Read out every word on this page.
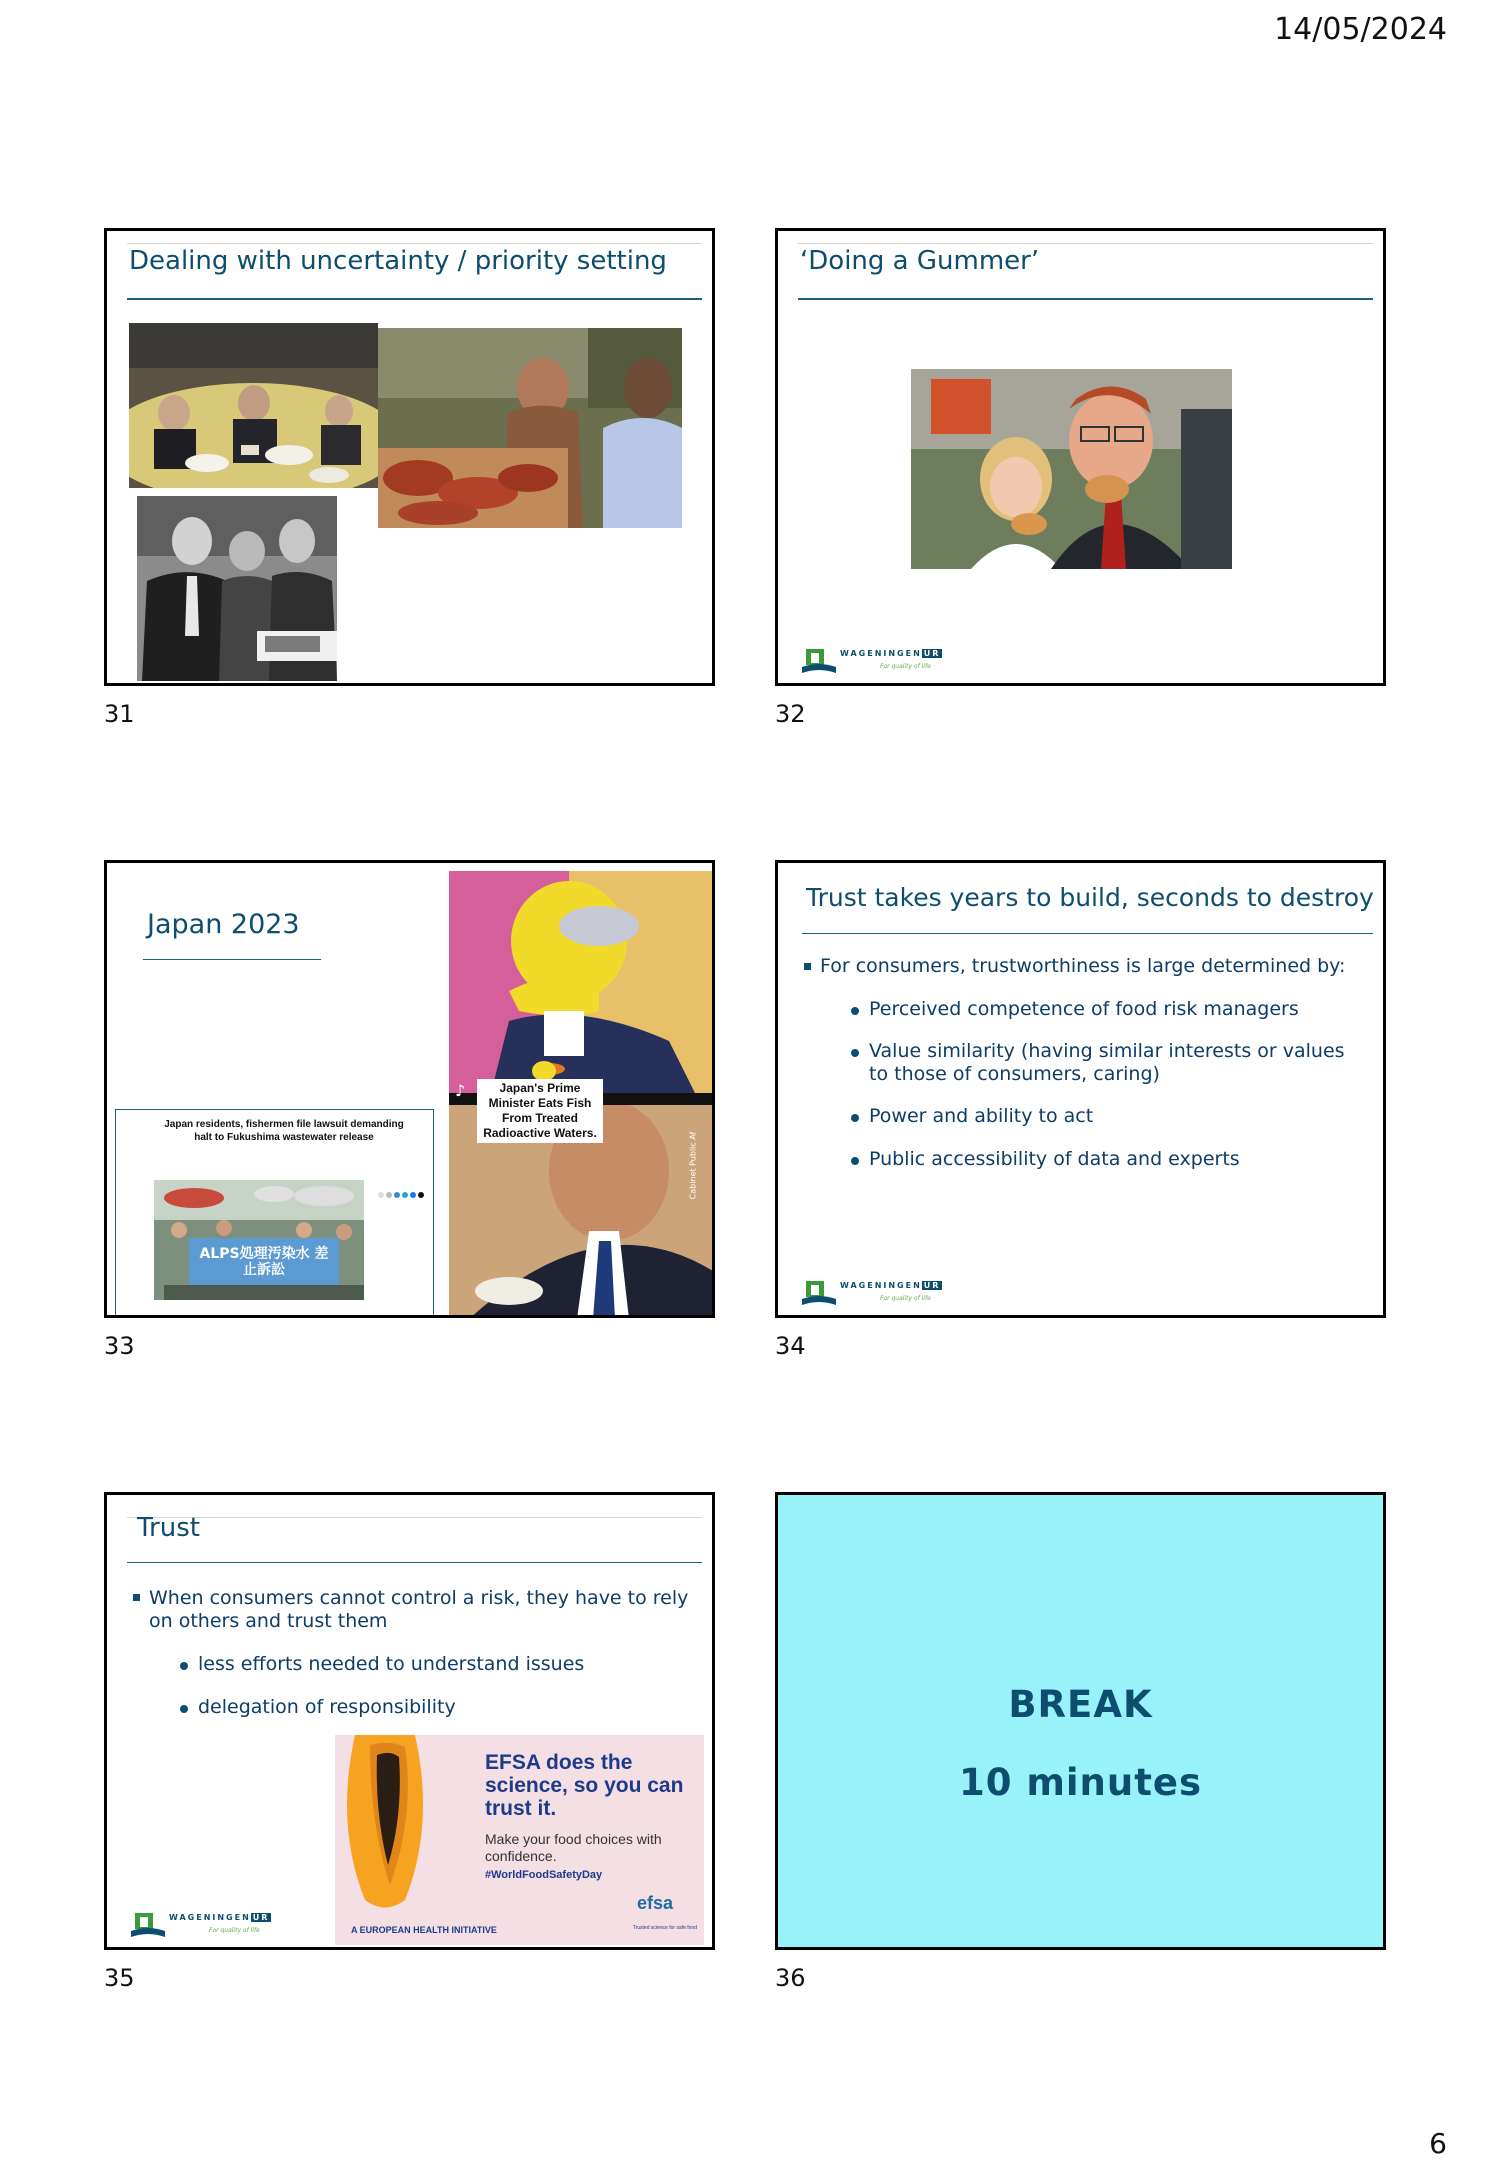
14/05/2024
Dealing with uncertainty / priority setting
31
‘Doing a Gummer’
WAGENINGEN UR
For quality of life
32
Japan 2023
Japan residents, fishermen file lawsuit demanding halt to Fukushima wastewater release
ALPS処理汚染水 差止訴訟
♪	Japan's Prime Minister Eats Fish From Treated Radioactive Waters.	Cabinet Public Af
33
Trust takes years to build, seconds to destroy
For consumers, trustworthiness is large determined by:
Perceived competence of food risk managers
Value similarity (having similar interests or values to those of consumers, caring)
Power and ability to act
Public accessibility of data and experts
WAGENINGEN UR
For quality of life
34
Trust
When consumers cannot control a risk, they have to rely on others and trust them
less efforts needed to understand issues
delegation of responsibility
EFSA does the science, so you can trust it.
Make your food choices with confidence.
#WorldFoodSafetyDay
efsa
Trusted science for safe food
A EUROPEAN HEALTH INITIATIVE
WAGENINGEN UR
For quality of life
35
BREAK
10 minutes
36
6
